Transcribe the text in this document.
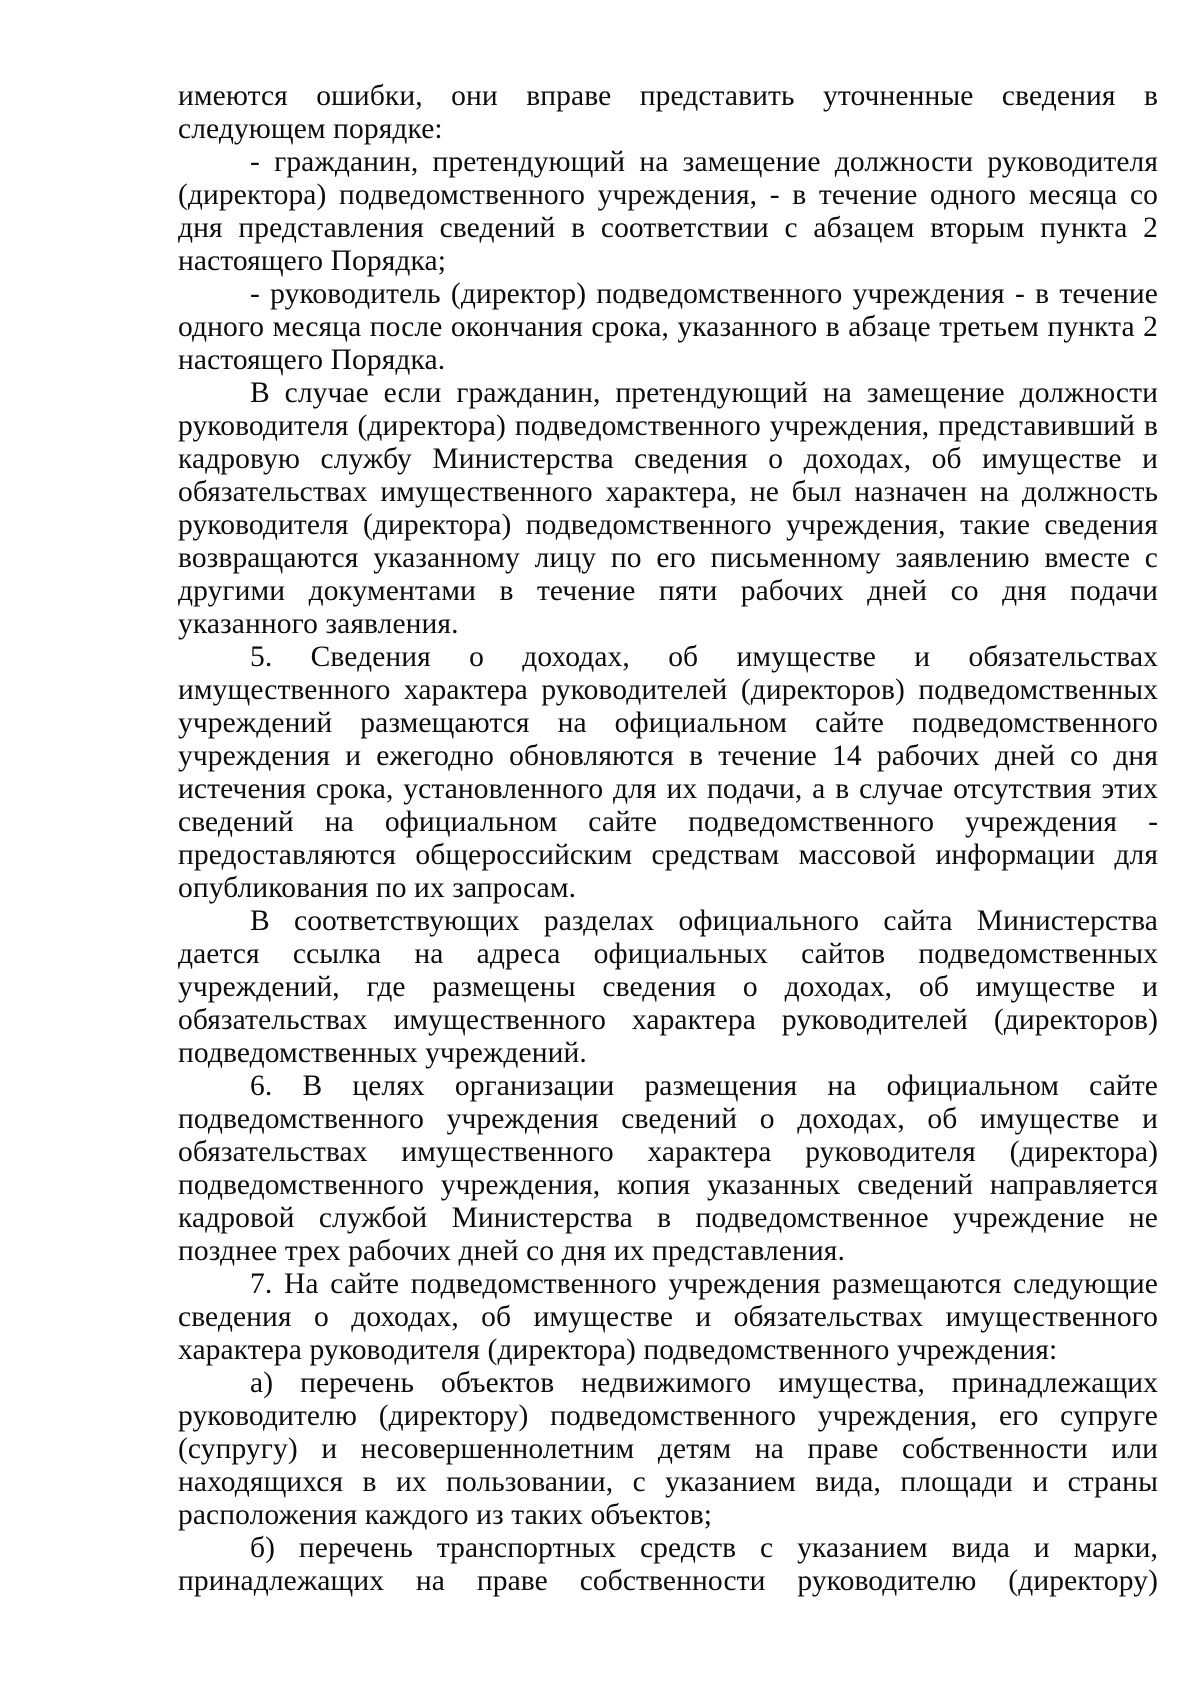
имеются ошибки, они вправе представить уточненные сведения в следующем порядке:

- гражданин, претендующий на замещение должности руководителя (директора) подведомственного учреждения, - в течение одного месяца со дня представления сведений в соответствии с абзацем вторым пункта 2 настоящего Порядка;

- руководитель (директор) подведомственного учреждения - в течение одного месяца после окончания срока, указанного в абзаце третьем пункта 2 настоящего Порядка.

В случае если гражданин, претендующий на замещение должности руководителя (директора) подведомственного учреждения, представивший в кадровую службу Министерства сведения о доходах, об имуществе и обязательствах имущественного характера, не был назначен на должность руководителя (директора) подведомственного учреждения, такие сведения возвращаются указанному лицу по его письменному заявлению вместе с другими документами в течение пяти рабочих дней со дня подачи указанного заявления.

5. Сведения о доходах, об имуществе и обязательствах имущественного характера руководителей (директоров) подведомственных учреждений размещаются на официальном сайте подведомственного учреждения и ежегодно обновляются в течение 14 рабочих дней со дня истечения срока, установленного для их подачи, а в случае отсутствия этих сведений на официальном сайте подведомственного учреждения - предоставляются общероссийским средствам массовой информации для опубликования по их запросам.

В соответствующих разделах официального сайта Министерства дается ссылка на адреса официальных сайтов подведомственных учреждений, где размещены сведения о доходах, об имуществе и обязательствах имущественного характера руководителей (директоров) подведомственных учреждений.

6. В целях организации размещения на официальном сайте подведомственного учреждения сведений о доходах, об имуществе и обязательствах имущественного характера руководителя (директора) подведомственного учреждения, копия указанных сведений направляется кадровой службой Министерства в подведомственное учреждение не позднее трех рабочих дней со дня их представления.

7. На сайте подведомственного учреждения размещаются следующие сведения о доходах, об имуществе и обязательствах имущественного характера руководителя (директора) подведомственного учреждения:

а) перечень объектов недвижимого имущества, принадлежащих руководителю (директору) подведомственного учреждения, его супруге (супругу) и несовершеннолетним детям на праве собственности или находящихся в их пользовании, с указанием вида, площади и страны расположения каждого из таких объектов;

б) перечень транспортных средств с указанием вида и марки, принадлежащих на праве собственности руководителю (директору)
